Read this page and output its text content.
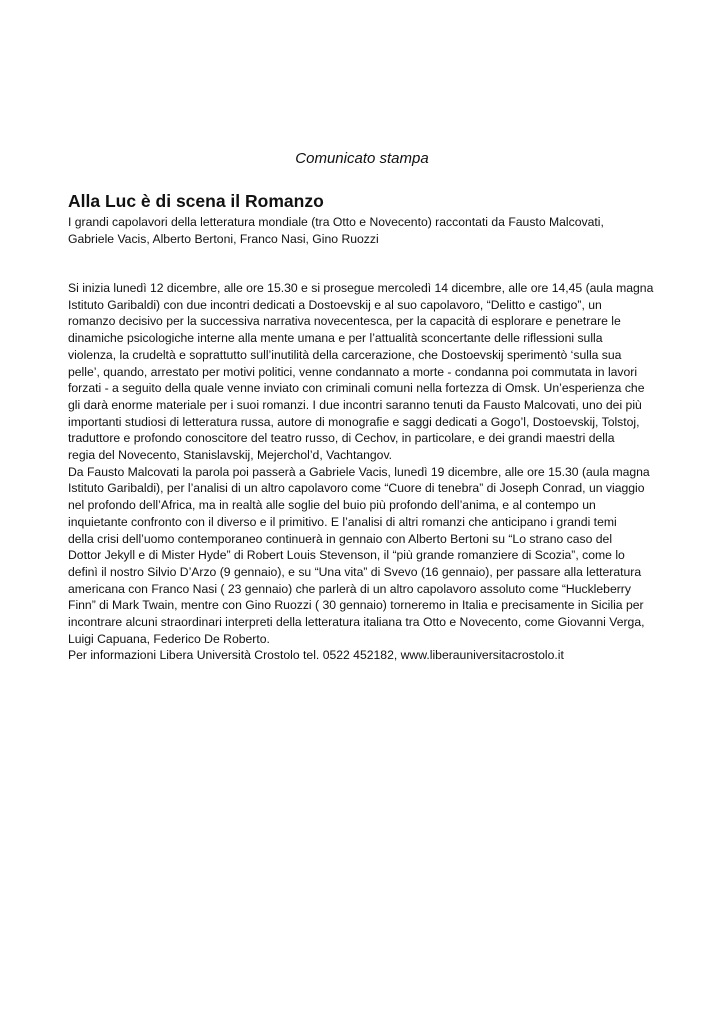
Comunicato stampa
Alla Luc è di scena il Romanzo
I grandi capolavori della letteratura mondiale (tra Otto e Novecento) raccontati da Fausto Malcovati,
Gabriele Vacis, Alberto Bertoni, Franco Nasi, Gino Ruozzi
Si inizia lunedì 12 dicembre, alle ore 15.30 e si prosegue mercoledì 14 dicembre, alle ore 14,45 (aula magna
Istituto Garibaldi) con due incontri dedicati a Dostoevskij e al suo capolavoro, “Delitto e castigo”, un
romanzo decisivo per la successiva narrativa novecentesca, per la capacità di esplorare e penetrare le
dinamiche psicologiche interne alla mente umana e per l’attualità sconcertante delle riflessioni sulla
violenza, la crudeltà e soprattutto sull’inutilità della carcerazione, che Dostoevskij sperimentò ‘sulla sua
pelle’, quando, arrestato per motivi politici, venne condannato a morte - condanna poi commutata in lavori
forzati - a seguito della quale venne inviato con criminali comuni nella fortezza di Omsk. Un’esperienza che
gli darà enorme materiale per i suoi romanzi. I due incontri saranno tenuti da Fausto Malcovati, uno dei più
importanti studiosi di letteratura russa, autore di monografie e saggi dedicati a Gogo’l, Dostoevskij, Tolstoj,
traduttore e profondo conoscitore del teatro russo, di Cechov, in particolare, e dei grandi maestri della
regia del Novecento, Stanislavskij, Mejerchol’d, Vachtangov.
Da Fausto Malcovati la parola poi passerà a Gabriele Vacis, lunedì 19 dicembre, alle ore 15.30 (aula magna
Istituto Garibaldi), per l’analisi di un altro capolavoro come “Cuore di tenebra” di Joseph Conrad, un viaggio
nel profondo dell’Africa, ma in realtà alle soglie del buio più profondo dell’anima, e al contempo un
inquietante confronto con il diverso e il primitivo. E l’analisi di altri romanzi che anticipano i grandi temi
della crisi dell’uomo contemporaneo continuerà in gennaio con Alberto Bertoni su “Lo strano caso del
Dottor Jekyll e di Mister Hyde” di Robert Louis Stevenson, il “più grande romanziere di Scozia”, come lo
definì il nostro Silvio D’Arzo (9 gennaio), e su “Una vita” di Svevo (16 gennaio), per passare alla letteratura
americana con Franco Nasi ( 23 gennaio) che parlerà di un altro capolavoro assoluto come “Huckleberry
Finn” di Mark Twain, mentre con Gino Ruozzi ( 30 gennaio) torneremo in Italia e precisamente in Sicilia per
incontrare alcuni straordinari interpreti della letteratura italiana tra Otto e Novecento, come Giovanni Verga,
Luigi Capuana, Federico De Roberto.
Per informazioni Libera Università Crostolo tel. 0522 452182, www.liberauniversitacrostolo.it
